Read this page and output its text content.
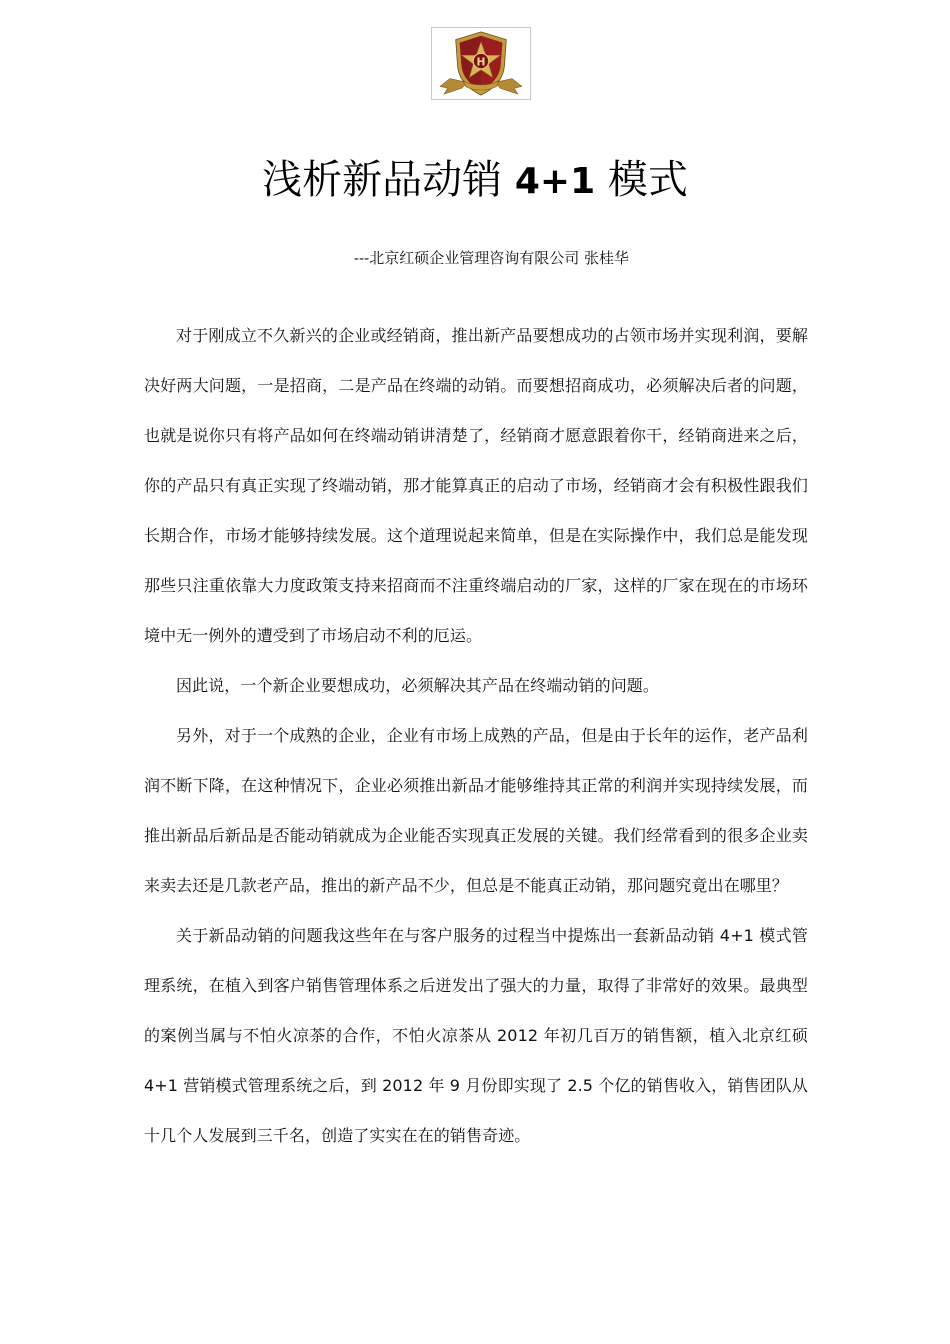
H
浅析新品动销 4+1 模式
---北京红硕企业管理咨询有限公司 张桂华

对于刚成立不久新兴的企业或经销商，推出新产品要想成功的占领市场并实现利润，要解决好两大问题，一是招商，二是产品在终端的动销。而要想招商成功，必须解决后者的问题，也就是说你只有将产品如何在终端动销讲清楚了，经销商才愿意跟着你干，经销商进来之后，你的产品只有真正实现了终端动销，那才能算真正的启动了市场，经销商才会有积极性跟我们长期合作，市场才能够持续发展。这个道理说起来简单，但是在实际操作中，我们总是能发现那些只注重依靠大力度政策支持来招商而不注重终端启动的厂家，这样的厂家在现在的市场环境中无一例外的遭受到了市场启动不利的厄运。

因此说，一个新企业要想成功，必须解决其产品在终端动销的问题。

另外，对于一个成熟的企业，企业有市场上成熟的产品，但是由于长年的运作，老产品利润不断下降，在这种情况下，企业必须推出新品才能够维持其正常的利润并实现持续发展，而推出新品后新品是否能动销就成为企业能否实现真正发展的关键。我们经常看到的很多企业卖来卖去还是几款老产品，推出的新产品不少，但总是不能真正动销，那问题究竟出在哪里？

关于新品动销的问题我这些年在与客户服务的过程当中提炼出一套新品动销 4+1 模式管理系统，在植入到客户销售管理体系之后迸发出了强大的力量，取得了非常好的效果。最典型的案例当属与不怕火凉茶的合作，不怕火凉茶从 2012 年初几百万的销售额，植入北京红硕 4+1 营销模式管理系统之后，到 2012 年 9 月份即实现了 2.5 个亿的销售收入，销售团队从十几个人发展到三千名，创造了实实在在的销售奇迹。
